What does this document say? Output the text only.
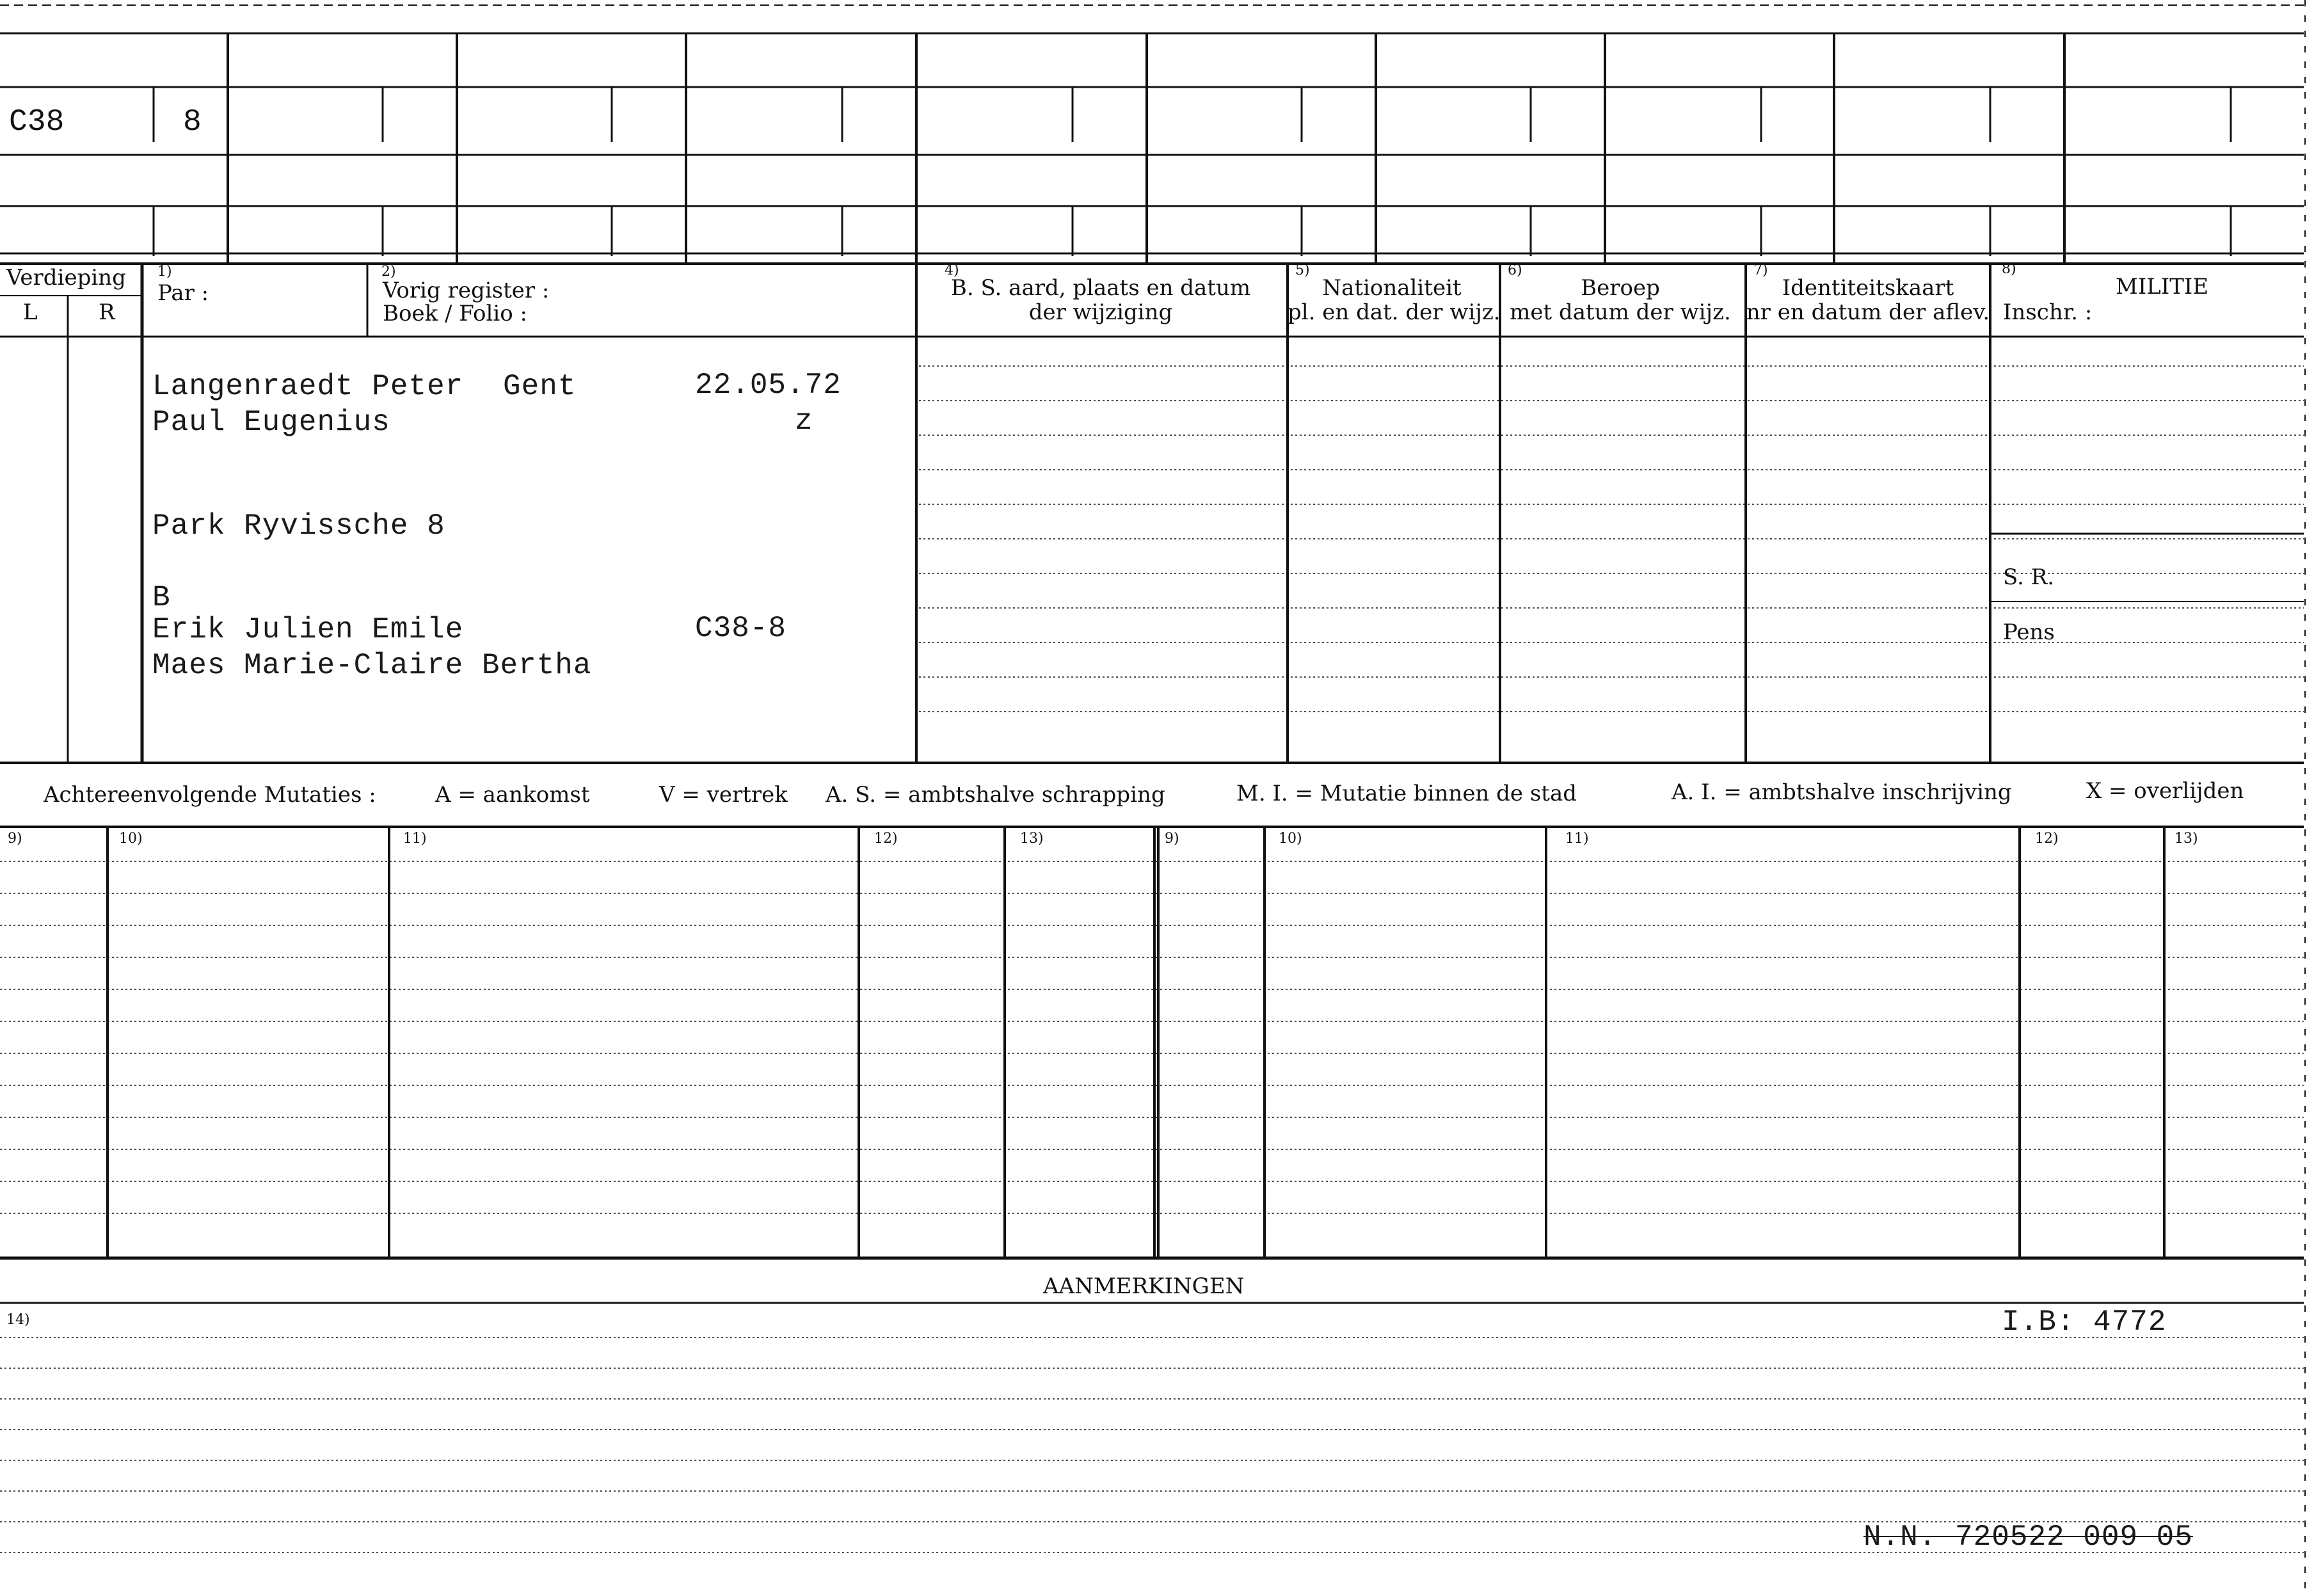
C38	8
Verdieping
L	R
1)
Par :
2)
Vorig register :
Boek / Folio :
4)
B. S. aard, plaats en datum
der wijziging
5)
Nationaliteit
pl. en dat. der wijz.
6)
Beroep
met datum der wijz.
7)
Identiteitskaart
nr en datum der aflev.
8)
MILITIE
Inschr. :
Langenraedt Peter Gent	22.05.72
Paul Eugenius	z
Park Ryvissche 8
B
Erik Julien Emile	C38-8
Maes Marie-Claire Bertha
S. R.
Pens
Achtereenvolgende Mutaties :	A = aankomst	V = vertrek A. S. = ambtshalve schrapping	M. I. = Mutatie binnen de stad	A. I. = ambtshalve inschrijving	X = overlijden
9)	10)	11)	12)	13)	9)	10)	11)	12)	13)
AANMERKINGEN
14)	I.B: 4772
N.N. 720522 009 05
